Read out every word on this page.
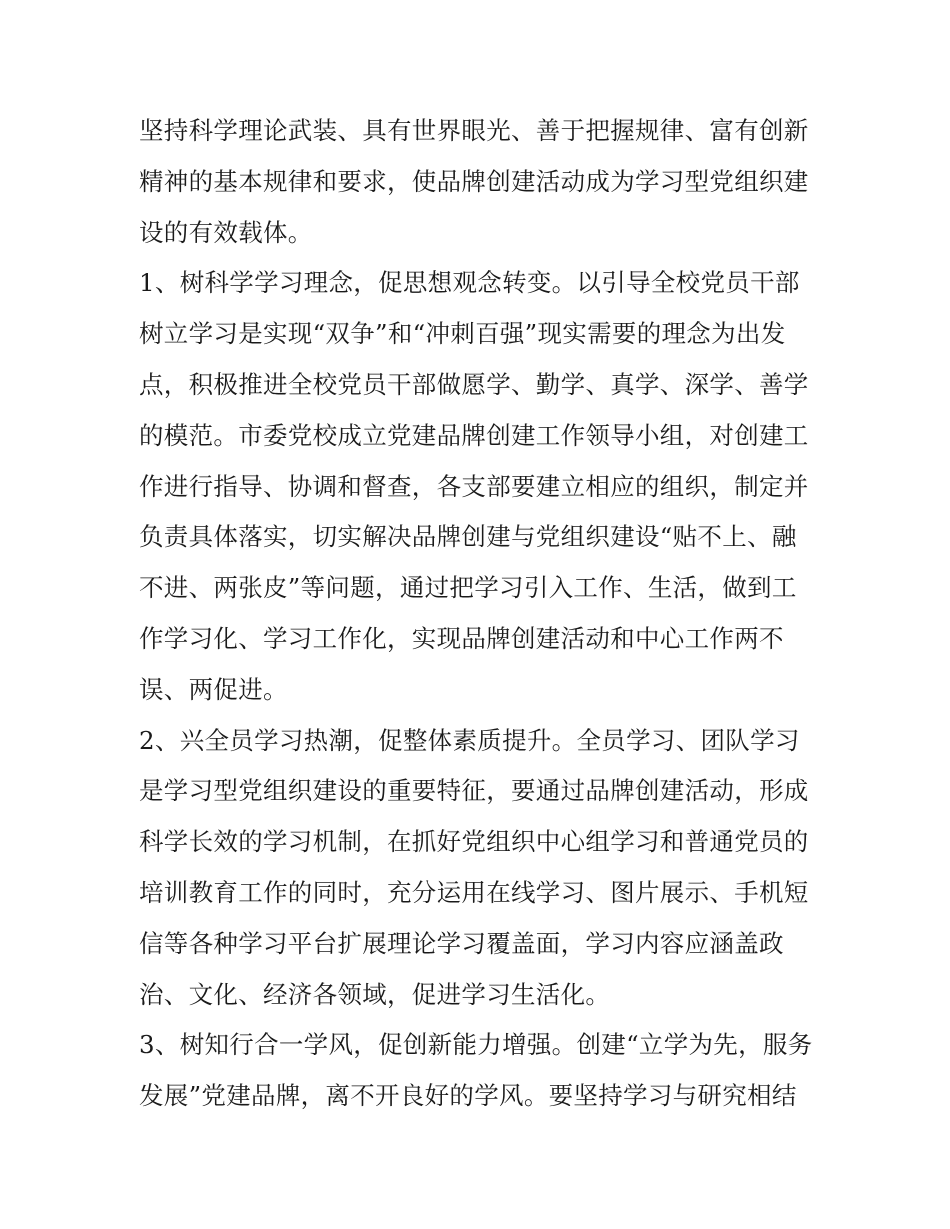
坚持科学理论武装、具有世界眼光、善于把握规律、富有创新
精神的基本规律和要求，使品牌创建活动成为学习型党组织建
设的有效载体。
1、树科学学习理念，促思想观念转变。以引导全校党员干部
树立学习是实现“双争”和“冲刺百强”现实需要的理念为出发
点，积极推进全校党员干部做愿学、勤学、真学、深学、善学
的模范。市委党校成立党建品牌创建工作领导小组，对创建工
作进行指导、协调和督查，各支部要建立相应的组织，制定并
负责具体落实，切实解决品牌创建与党组织建设“贴不上、融
不进、两张皮”等问题，通过把学习引入工作、生活，做到工
作学习化、学习工作化，实现品牌创建活动和中心工作两不
误、两促进。
2、兴全员学习热潮，促整体素质提升。全员学习、团队学习
是学习型党组织建设的重要特征，要通过品牌创建活动，形成
科学长效的学习机制，在抓好党组织中心组学习和普通党员的
培训教育工作的同时，充分运用在线学习、图片展示、手机短
信等各种学习平台扩展理论学习覆盖面，学习内容应涵盖政
治、文化、经济各领域，促进学习生活化。
3、树知行合一学风，促创新能力增强。创建“立学为先，服务
发展”党建品牌，离不开良好的学风。要坚持学习与研究相结
